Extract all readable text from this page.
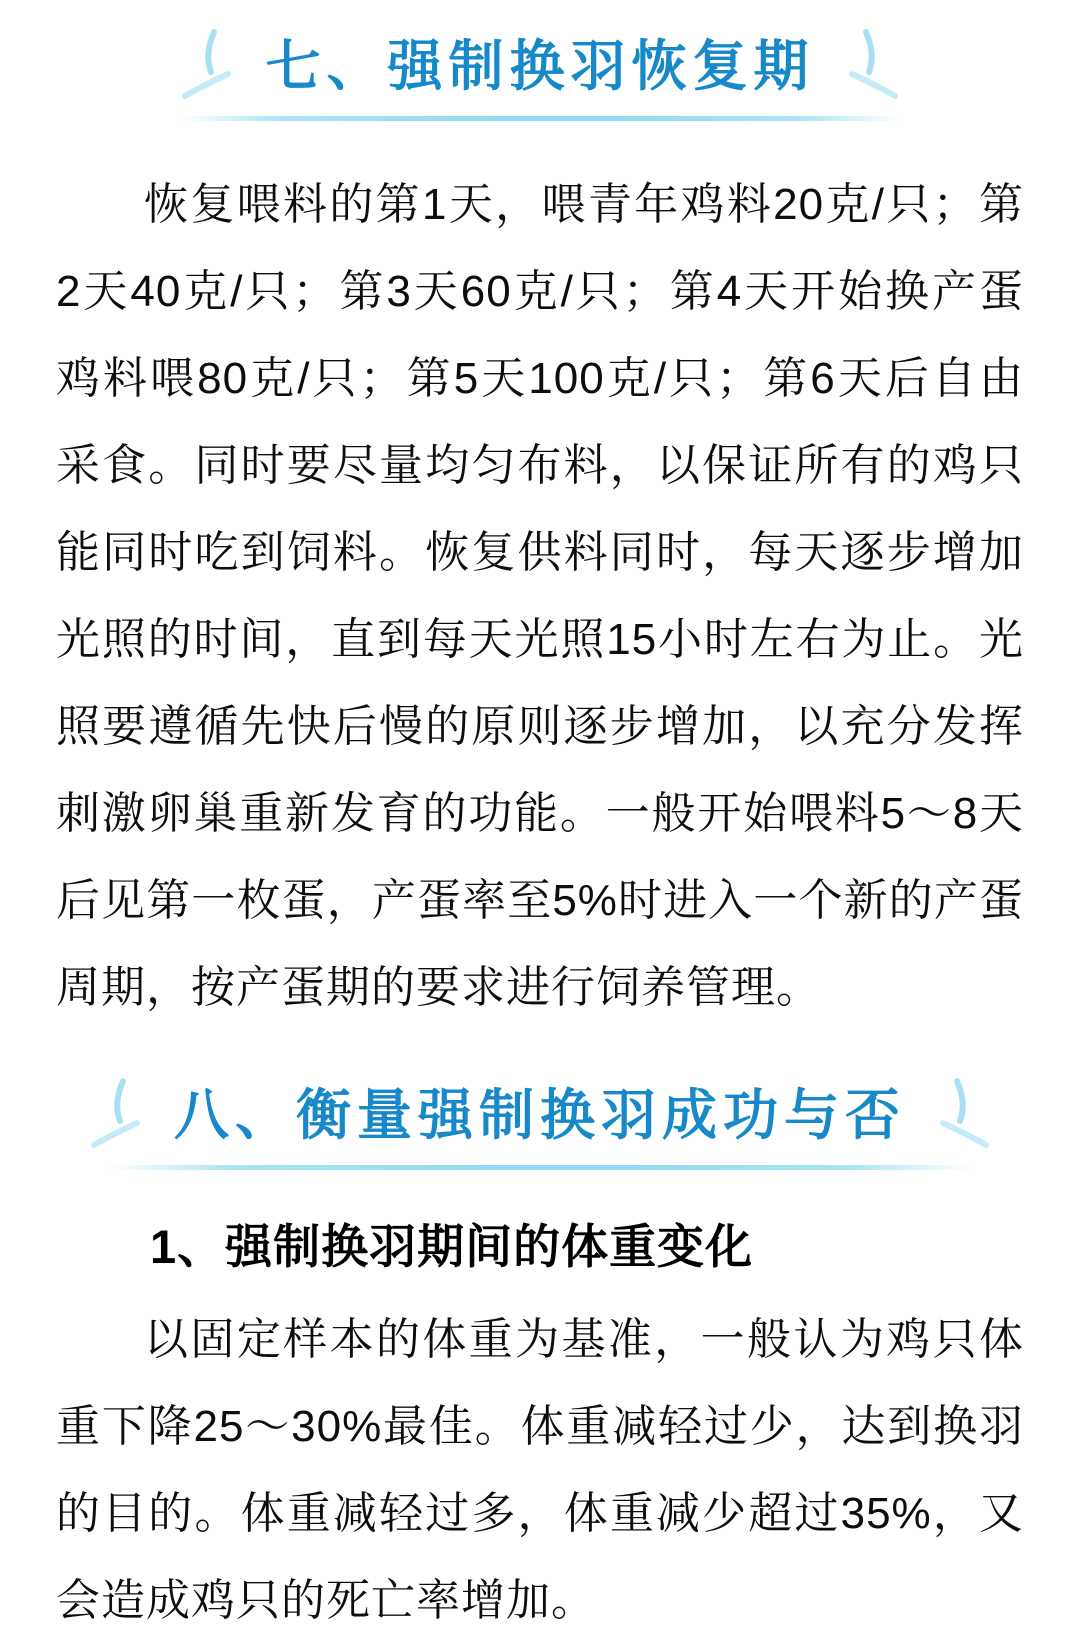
七、强制换羽恢复期

恢复喂料的第1天，喂青年鸡料20克/只；第2天40克/只；第3天60克/只；第4天开始换产蛋鸡料喂80克/只；第5天100克/只；第6天后自由采食。同时要尽量均匀布料，以保证所有的鸡只能同时吃到饲料。恢复供料同时，每天逐步增加光照的时间，直到每天光照15小时左右为止。光照要遵循先快后慢的原则逐步增加，以充分发挥刺激卵巢重新发育的功能。一般开始喂料5～8天后见第一枚蛋，产蛋率至5%时进入一个新的产蛋周期，按产蛋期的要求进行饲养管理。

八、衡量强制换羽成功与否
1、强制换羽期间的体重变化

以固定样本的体重为基准，一般认为鸡只体重下降25～30%最佳。体重减轻过少，达到换羽的目的。体重减轻过多，体重减少超过35%，又会造成鸡只的死亡率增加。
